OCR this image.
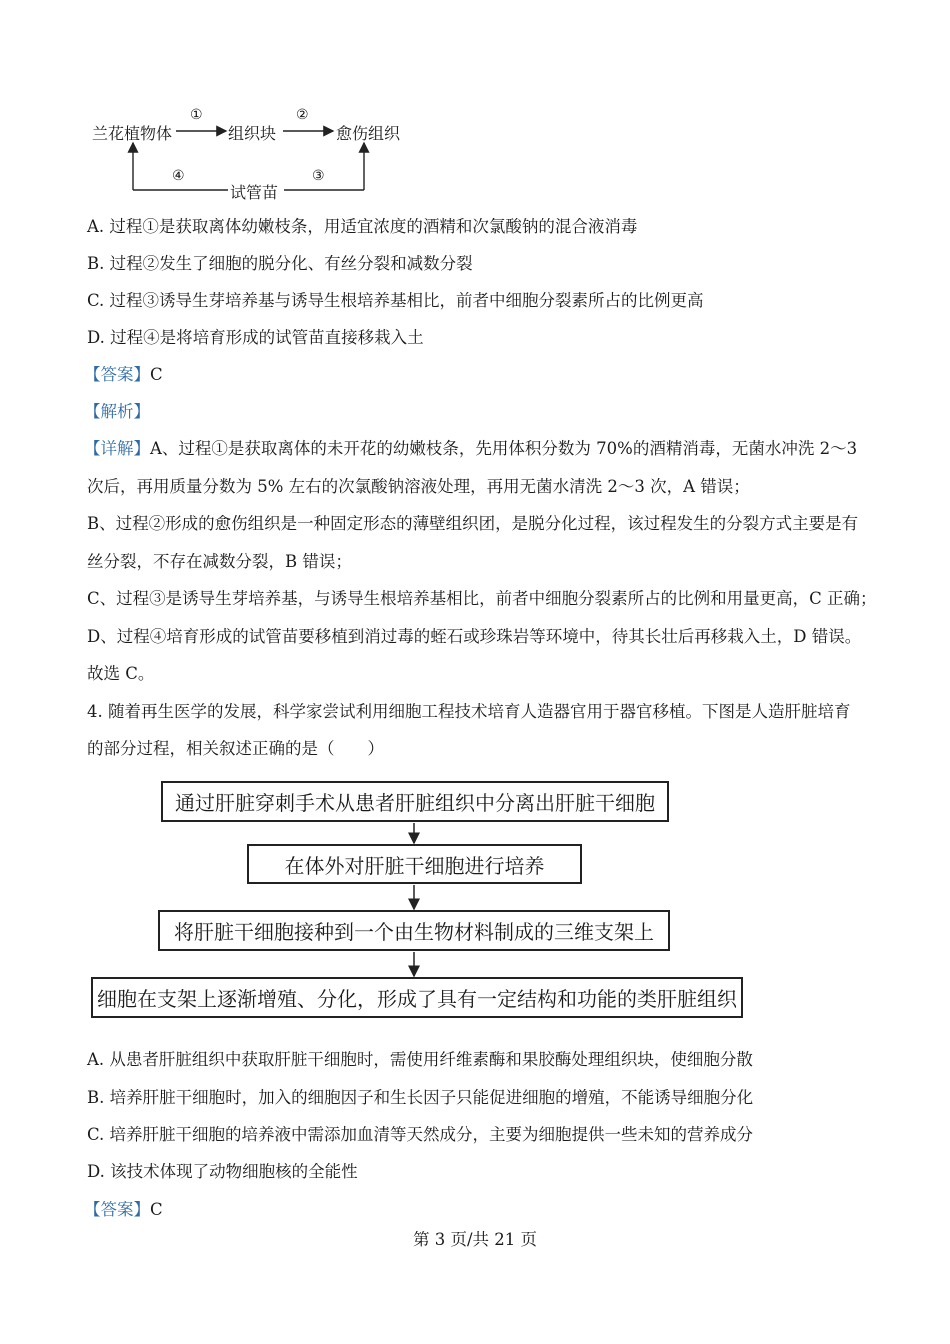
兰花植物体	组织块	愈伤组织
试管苗
①	②
③
④
A. 过程①是获取离体幼嫩枝条，用适宜浓度的酒精和次氯酸钠的混合液消毒
B. 过程②发生了细胞的脱分化、有丝分裂和减数分裂
C. 过程③诱导生芽培养基与诱导生根培养基相比，前者中细胞分裂素所占的比例更高
D. 过程④是将培育形成的试管苗直接移栽入土
【答案】C
【解析】
【详解】A、过程①是获取离体的未开花的幼嫩枝条，先用体积分数为 70%的酒精消毒，无菌水冲洗 2～3
次后，再用质量分数为 5% 左右的次氯酸钠溶液处理，再用无菌水清洗 2～3 次，A 错误；
B、过程②形成的愈伤组织是一种固定形态的薄壁组织团，是脱分化过程，该过程发生的分裂方式主要是有
丝分裂，不存在减数分裂，B 错误；
C、过程③是诱导生芽培养基，与诱导生根培养基相比，前者中细胞分裂素所占的比例和用量更高，C 正确；
D、过程④培育形成的试管苗要移植到消过毒的蛭石或珍珠岩等环境中，待其长壮后再移栽入土，D 错误。
故选 C。
4. 随着再生医学的发展，科学家尝试利用细胞工程技术培育人造器官用于器官移植。下图是人造肝脏培育
的部分过程，相关叙述正确的是（　　）
通过肝脏穿刺手术从患者肝脏组织中分离出肝脏干细胞
在体外对肝脏干细胞进行培养
将肝脏干细胞接种到一个由生物材料制成的三维支架上
细胞在支架上逐渐增殖、分化，形成了具有一定结构和功能的类肝脏组织
A. 从患者肝脏组织中获取肝脏干细胞时，需使用纤维素酶和果胶酶处理组织块，使细胞分散
B. 培养肝脏干细胞时，加入的细胞因子和生长因子只能促进细胞的增殖，不能诱导细胞分化
C. 培养肝脏干细胞的培养液中需添加血清等天然成分，主要为细胞提供一些未知的营养成分
D. 该技术体现了动物细胞核的全能性
【答案】C
第 3 页/共 21 页
